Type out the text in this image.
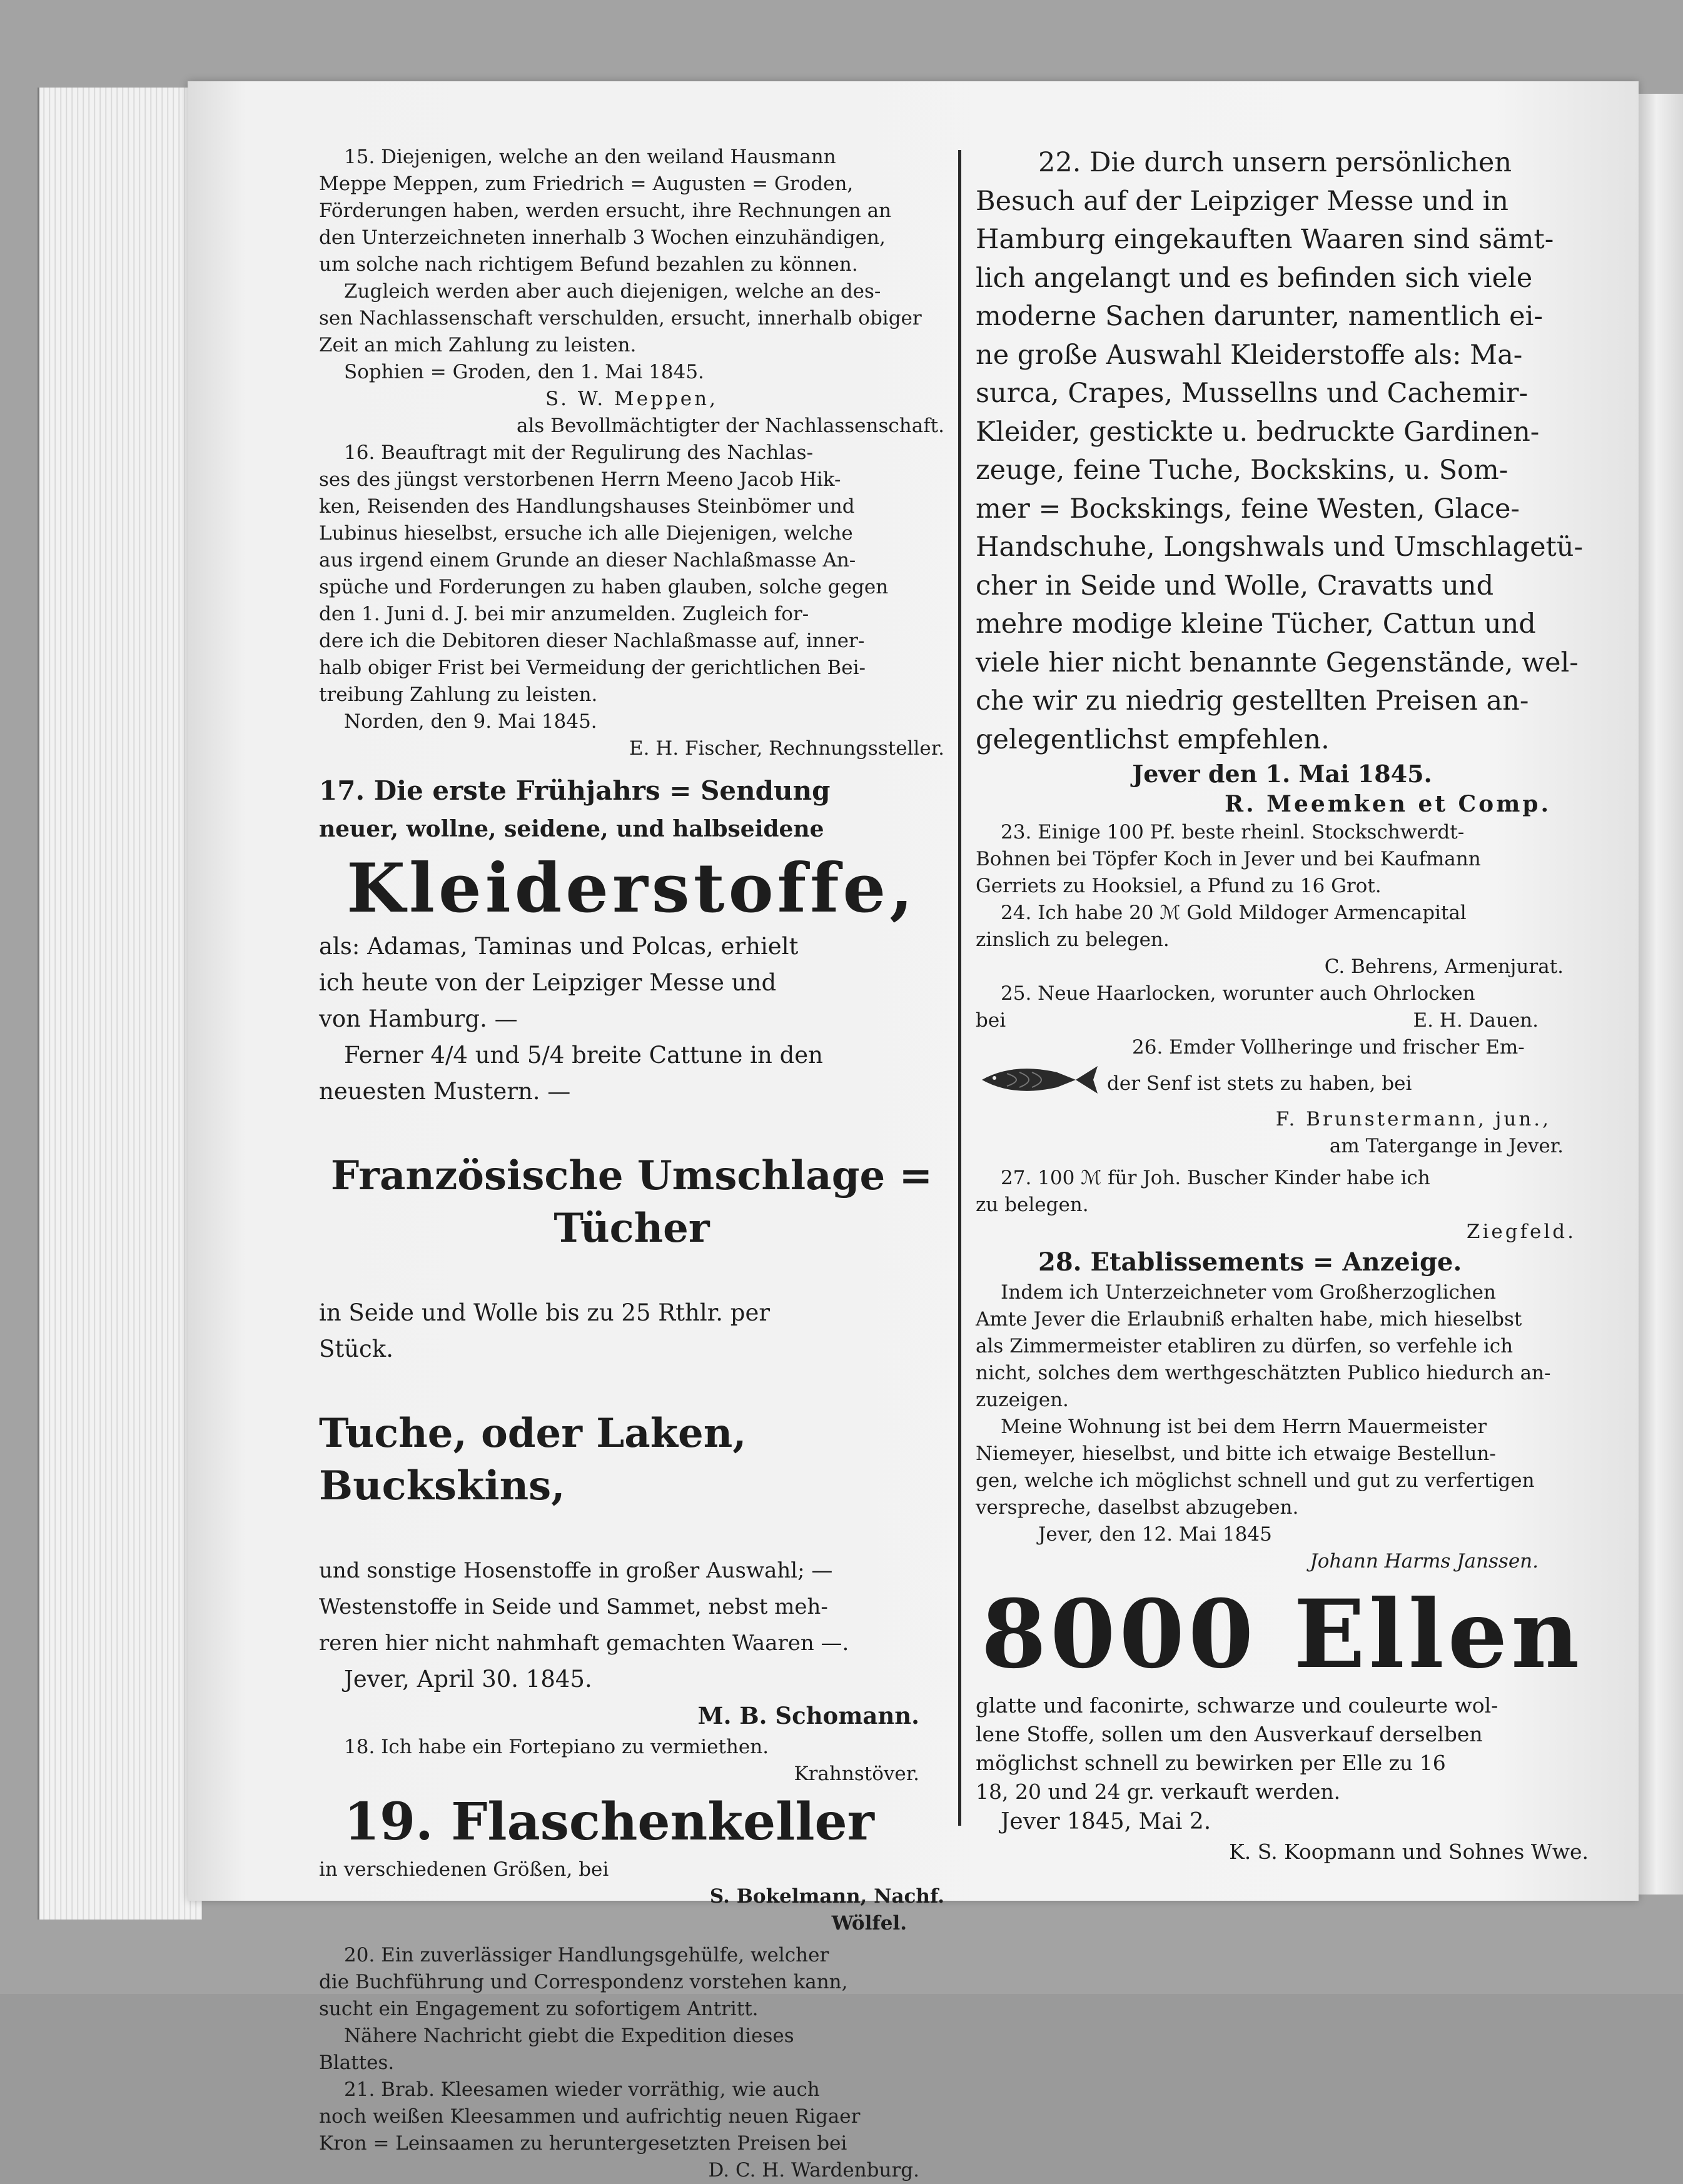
15. Diejenigen, welche an den weiland Hausmann

Meppe Meppen, zum Friedrich = Augusten = Groden,

Förderungen haben, werden ersucht, ihre Rechnungen an

den Unterzeichneten innerhalb 3 Wochen einzuhändigen,

um solche nach richtigem Befund bezahlen zu können.

Zugleich werden aber auch diejenigen, welche an des-

sen Nachlassenschaft verschulden, ersucht, innerhalb obiger

Zeit an mich Zahlung zu leisten.

Sophien = Groden, den 1. Mai 1845.

S. W. Meppen,

als Bevollmächtigter der Nachlassenschaft.

16. Beauftragt mit der Regulirung des Nachlas-

ses des jüngst verstorbenen Herrn Meeno Jacob Hik-

ken, Reisenden des Handlungshauses Steinbömer und

Lubinus hieselbst, ersuche ich alle Diejenigen, welche

aus irgend einem Grunde an dieser Nachlaßmasse An-

spüche und Forderungen zu haben glauben, solche gegen

den 1. Juni d. J. bei mir anzumelden. Zugleich for-

dere ich die Debitoren dieser Nachlaßmasse auf, inner-

halb obiger Frist bei Vermeidung der gerichtlichen Bei-

treibung Zahlung zu leisten.

Norden, den 9. Mai 1845.

E. H. Fischer, Rechnungssteller.

17. Die erste Frühjahrs = Sendung

neuer, wollne, seidene, und halbseidene

Kleiderstoffe,

als: Adamas, Taminas und Polcas, erhielt

ich heute von der Leipziger Messe und

von Hamburg. —

Ferner 4/4 und 5/4 breite Cattune in den

neuesten Mustern. —

Französische Umschlage = Tücher

in Seide und Wolle bis zu 25 Rthlr. per

Stück.

Tuche, oder Laken, Buckskins,

und sonstige Hosenstoffe in großer Auswahl; —

Westenstoffe in Seide und Sammet, nebst meh-

reren hier nicht nahmhaft gemachten Waaren —.

Jever, April 30. 1845.

M. B. Schomann.

18. Ich habe ein Fortepiano zu vermiethen.

Krahnstöver.

19. Flaschenkeller

in verschiedenen Größen, bei

S. Bokelmann, Nachf.

Wölfel.

20. Ein zuverlässiger Handlungsgehülfe, welcher

die Buchführung und Correspondenz vorstehen kann,

sucht ein Engagement zu sofortigem Antritt.

Nähere Nachricht giebt die Expedition dieses

Blattes.

21. Brab. Kleesamen wieder vorräthig, wie auch

noch weißen Kleesammen und aufrichtig neuen Rigaer

Kron = Leinsaamen zu heruntergesetzten Preisen bei

D. C. H. Wardenburg.

22. Die durch unsern persönlichen

Besuch auf der Leipziger Messe und in

Hamburg eingekauften Waaren sind sämt-

lich angelangt und es befinden sich viele

moderne Sachen darunter, namentlich ei-

ne große Auswahl Kleiderstoffe als: Ma-

surca, Crapes, Mussellns und Cachemir-

Kleider, gestickte u. bedruckte Gardinen-

zeuge, feine Tuche, Bockskins, u. Som-

mer = Bockskings, feine Westen, Glace-

Handschuhe, Longshwals und Umschlagetü-

cher in Seide und Wolle, Cravatts und

mehre modige kleine Tücher, Cattun und

viele hier nicht benannte Gegenstände, wel-

che wir zu niedrig gestellten Preisen an-

gelegentlichst empfehlen.

Jever den 1. Mai 1845.

R. Meemken et Comp.

23. Einige 100 Pf. beste rheinl. Stockschwerdt-

Bohnen bei Töpfer Koch in Jever und bei Kaufmann

Gerriets zu Hooksiel, a Pfund zu 16 Grot.

24. Ich habe 20 ℳ Gold Mildoger Armencapital

zinslich zu belegen.

C. Behrens, Armenjurat.

25. Neue Haarlocken, worunter auch Ohrlocken

bei	E. H. Dauen.

26. Emder Vollheringe und frischer Em-

der Senf ist stets zu haben, bei

F. Brunstermann, jun.,

am Tatergange in Jever.

27. 100 ℳ für Joh. Buscher Kinder habe ich

zu belegen.

Ziegfeld.

28. Etablissements = Anzeige.

Indem ich Unterzeichneter vom Großherzoglichen

Amte Jever die Erlaubniß erhalten habe, mich hieselbst

als Zimmermeister etabliren zu dürfen, so verfehle ich

nicht, solches dem werthgeschätzten Publico hiedurch an-

zuzeigen.

Meine Wohnung ist bei dem Herrn Mauermeister

Niemeyer, hieselbst, und bitte ich etwaige Bestellun-

gen, welche ich möglichst schnell und gut zu verfertigen

verspreche, daselbst abzugeben.

Jever, den 12. Mai 1845

Johann Harms Janssen.

8000 Ellen

glatte und faconirte, schwarze und couleurte wol-

lene Stoffe, sollen um den Ausverkauf derselben

möglichst schnell zu bewirken per Elle zu 16

18, 20 und 24 gr. verkauft werden.

Jever 1845, Mai 2.

K. S. Koopmann und Sohnes Wwe.
